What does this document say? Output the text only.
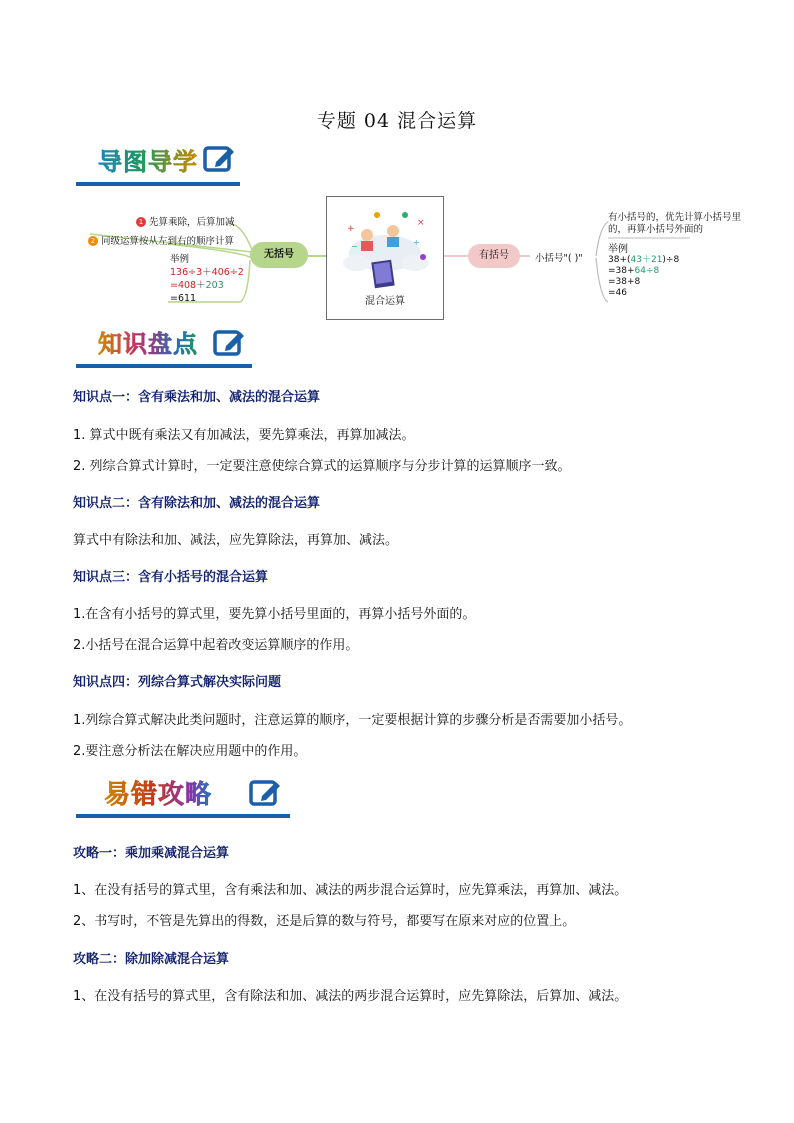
专题 04 混合运算
导图导学
1 先算乘除，后算加减
2 同级运算按从左到右的顺序计算
举例
136÷3＋406÷2
=408＋203
=611
无括号
+
×
÷
−
混合运算
有括号	小括号"( )"
有小括号的，优先计算小括号里
的，再算小括号外面的
举例
38+(43＋21)÷8
=38+64÷8
=38+8
=46
知识盘点
知识点一：含有乘法和加、减法的混合运算
1. 算式中既有乘法又有加减法，要先算乘法，再算加减法。
2. 列综合算式计算时，一定要注意使综合算式的运算顺序与分步计算的运算顺序一致。
知识点二：含有除法和加、减法的混合运算
算式中有除法和加、减法，应先算除法，再算加、减法。
知识点三：含有小括号的混合运算
1.在含有小括号的算式里，要先算小括号里面的，再算小括号外面的。
2.小括号在混合运算中起着改变运算顺序的作用。
知识点四：列综合算式解决实际问题
1.列综合算式解决此类问题时，注意运算的顺序，一定要根据计算的步骤分析是否需要加小括号。
2.要注意分析法在解决应用题中的作用。
易错攻略
攻略一：乘加乘减混合运算
1、在没有括号的算式里，含有乘法和加、减法的两步混合运算时，应先算乘法，再算加、减法。
2、书写时，不管是先算出的得数，还是后算的数与符号，都要写在原来对应的位置上。
攻略二：除加除减混合运算
1、在没有括号的算式里，含有除法和加、减法的两步混合运算时，应先算除法，后算加、减法。
